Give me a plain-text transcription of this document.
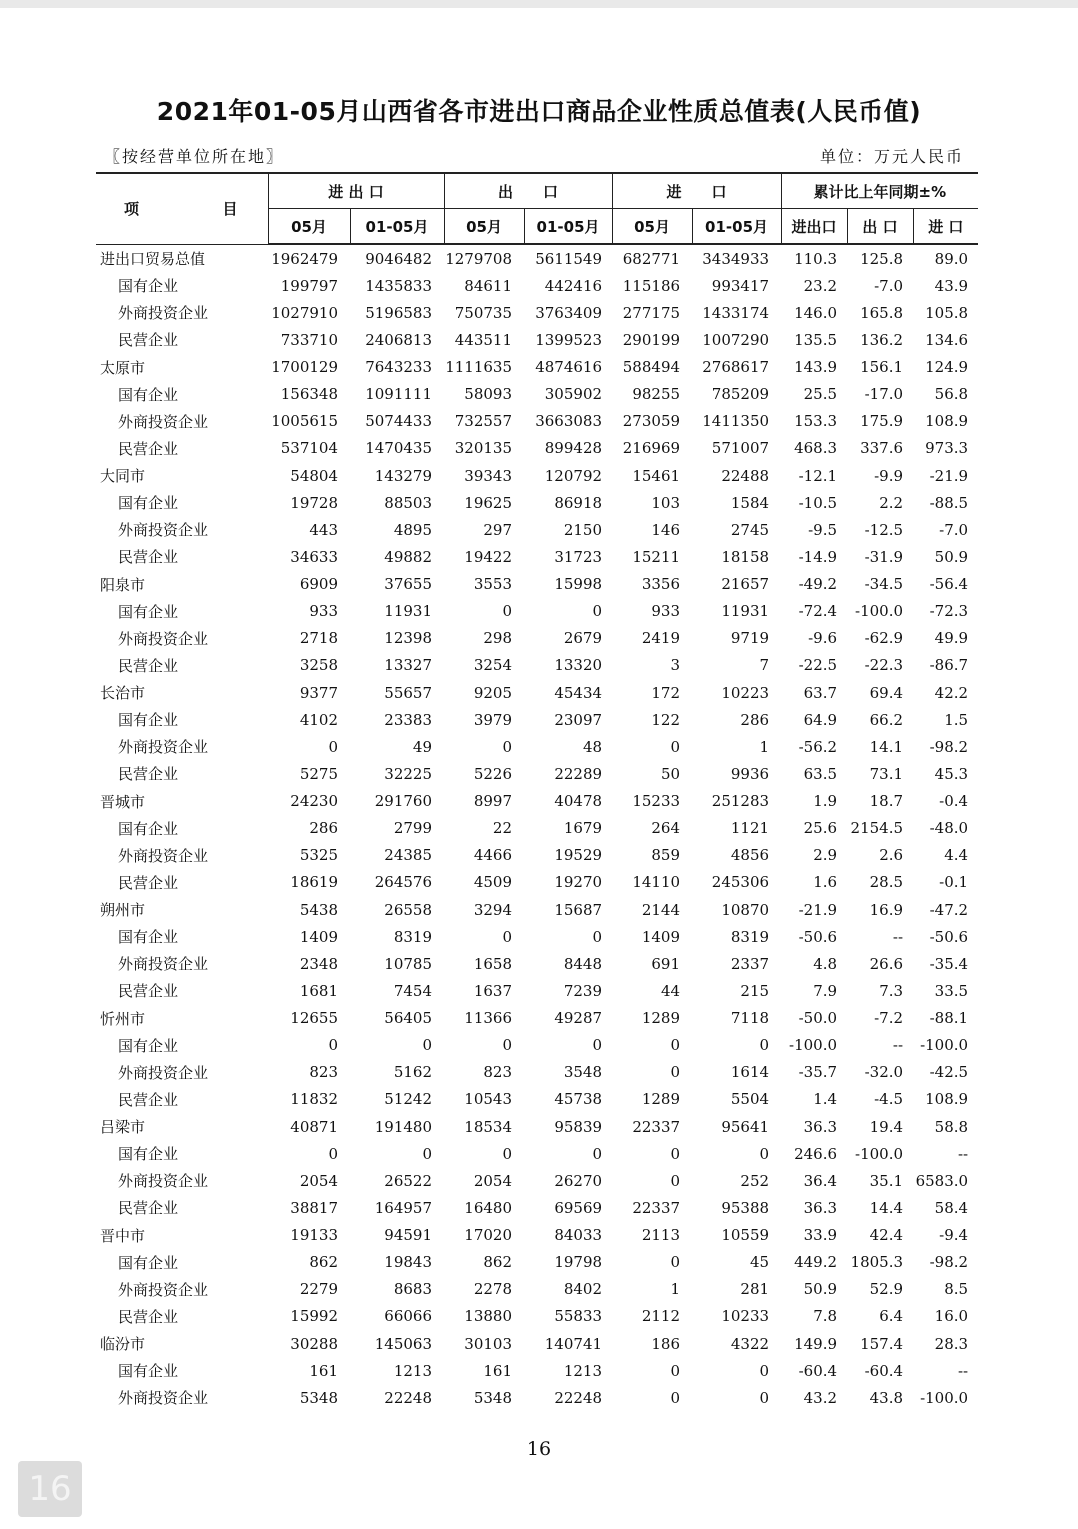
2021年01-05月山西省各市进出口商品企业性质总值表(人民币值)
〖按经营单位所在地〗	单位：万元人民币
项 目	进 出 口		出　　口		进　　口		累计比上年同期±%		
	05月	01-05月	05月	01-05月	05月	01-05月	进出口	出 口	进 口
进出口贸易总值	1962479	9046482	1279708	5611549	682771	3434933	110.3	125.8	89.0
国有企业	199797	1435833	84611	442416	115186	993417	23.2	-7.0	43.9
外商投资企业	1027910	5196583	750735	3763409	277175	1433174	146.0	165.8	105.8
民营企业	733710	2406813	443511	1399523	290199	1007290	135.5	136.2	134.6
太原市	1700129	7643233	1111635	4874616	588494	2768617	143.9	156.1	124.9
国有企业	156348	1091111	58093	305902	98255	785209	25.5	-17.0	56.8
外商投资企业	1005615	5074433	732557	3663083	273059	1411350	153.3	175.9	108.9
民营企业	537104	1470435	320135	899428	216969	571007	468.3	337.6	973.3
大同市	54804	143279	39343	120792	15461	22488	-12.1	-9.9	-21.9
国有企业	19728	88503	19625	86918	103	1584	-10.5	2.2	-88.5
外商投资企业	443	4895	297	2150	146	2745	-9.5	-12.5	-7.0
民营企业	34633	49882	19422	31723	15211	18158	-14.9	-31.9	50.9
阳泉市	6909	37655	3553	15998	3356	21657	-49.2	-34.5	-56.4
国有企业	933	11931	0	0	933	11931	-72.4	-100.0	-72.3
外商投资企业	2718	12398	298	2679	2419	9719	-9.6	-62.9	49.9
民营企业	3258	13327	3254	13320	3	7	-22.5	-22.3	-86.7
长治市	9377	55657	9205	45434	172	10223	63.7	69.4	42.2
国有企业	4102	23383	3979	23097	122	286	64.9	66.2	1.5
外商投资企业	0	49	0	48	0	1	-56.2	14.1	-98.2
民营企业	5275	32225	5226	22289	50	9936	63.5	73.1	45.3
晋城市	24230	291760	8997	40478	15233	251283	1.9	18.7	-0.4
国有企业	286	2799	22	1679	264	1121	25.6	2154.5	-48.0
外商投资企业	5325	24385	4466	19529	859	4856	2.9	2.6	4.4
民营企业	18619	264576	4509	19270	14110	245306	1.6	28.5	-0.1
朔州市	5438	26558	3294	15687	2144	10870	-21.9	16.9	-47.2
国有企业	1409	8319	0	0	1409	8319	-50.6	--	-50.6
外商投资企业	2348	10785	1658	8448	691	2337	4.8	26.6	-35.4
民营企业	1681	7454	1637	7239	44	215	7.9	7.3	33.5
忻州市	12655	56405	11366	49287	1289	7118	-50.0	-7.2	-88.1
国有企业	0	0	0	0	0	0	-100.0	--	-100.0
外商投资企业	823	5162	823	3548	0	1614	-35.7	-32.0	-42.5
民营企业	11832	51242	10543	45738	1289	5504	1.4	-4.5	108.9
吕梁市	40871	191480	18534	95839	22337	95641	36.3	19.4	58.8
国有企业	0	0	0	0	0	0	246.6	-100.0	--
外商投资企业	2054	26522	2054	26270	0	252	36.4	35.1	6583.0
民营企业	38817	164957	16480	69569	22337	95388	36.3	14.4	58.4
晋中市	19133	94591	17020	84033	2113	10559	33.9	42.4	-9.4
国有企业	862	19843	862	19798	0	45	449.2	1805.3	-98.2
外商投资企业	2279	8683	2278	8402	1	281	50.9	52.9	8.5
民营企业	15992	66066	13880	55833	2112	10233	7.8	6.4	16.0
临汾市	30288	145063	30103	140741	186	4322	149.9	157.4	28.3
国有企业	161	1213	161	1213	0	0	-60.4	-60.4	--
外商投资企业	5348	22248	5348	22248	0	0	43.2	43.8	-100.0
16
16
